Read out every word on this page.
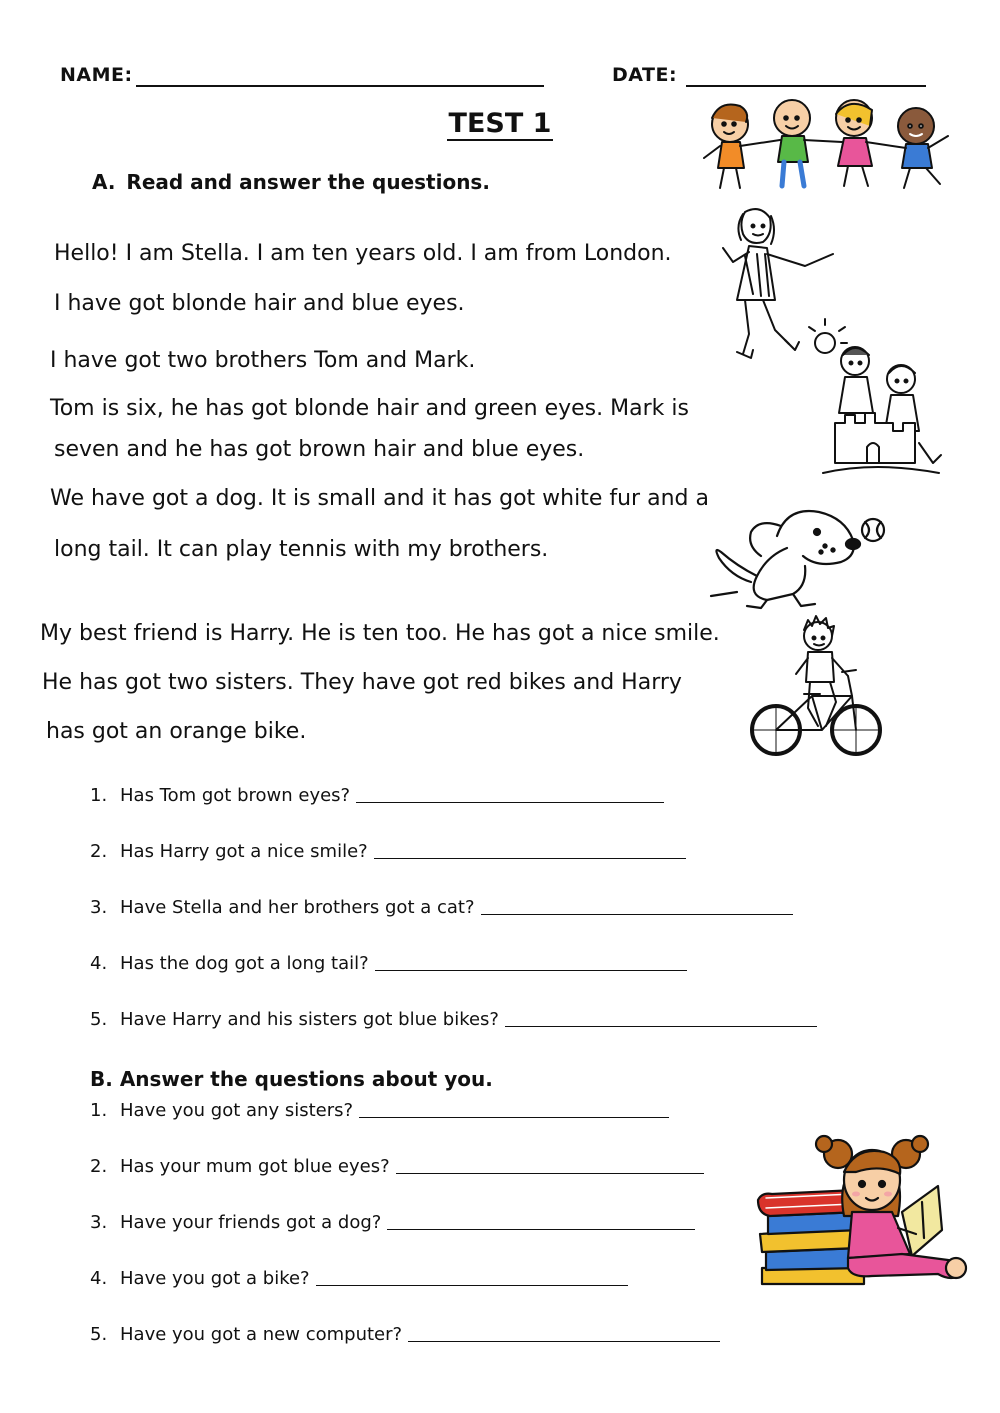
NAME:	DATE:
TEST 1
A. Read and answer the questions.
Hello! I am Stella. I am ten years old. I am from London.
I have got blonde hair and blue eyes.
I have got two brothers Tom and Mark.
Tom is six, he has got blonde hair and green eyes. Mark is
seven and he has got brown hair and blue eyes.
We have got a dog. It is small and it has got white fur and a
long tail. It can play tennis with my brothers.
My best friend is Harry. He is ten too. He has got a nice smile.
He has got two sisters. They have got red bikes and Harry
has got an orange bike.
1. Has Tom got brown eyes?
2. Has Harry got a nice smile?
3. Have Stella and her brothers got a cat?
4. Has the dog got a long tail?
5. Have Harry and his sisters got blue bikes?
B. Answer the questions about you.
1. Have you got any sisters?
2. Has your mum got blue eyes?
3. Have your friends got a dog?
4. Have you got a bike?
5. Have you got a new computer?
